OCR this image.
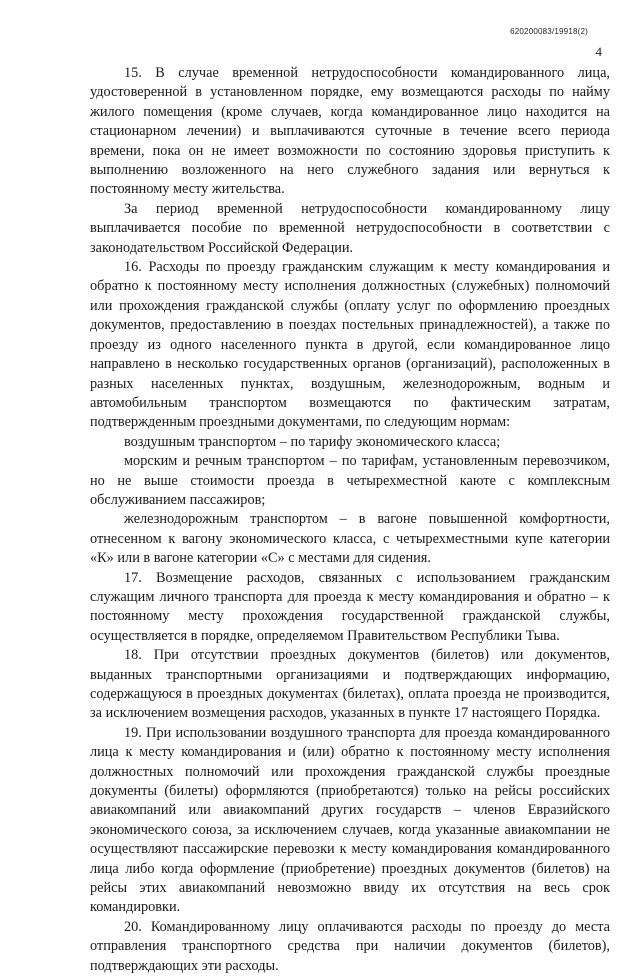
620200083/19918(2)
4

15. В случае временной нетрудоспособности командированного лица, удостоверенной в установленном порядке, ему возмещаются расходы по найму жилого помещения (кроме случаев, когда командированное лицо находится на стационарном лечении) и выплачиваются суточные в течение всего периода времени, пока он не имеет возможности по состоянию здоровья приступить к выполнению возложенного на него служебного задания или вернуться к постоянному месту жительства.

За период временной нетрудоспособности командированному лицу выплачивается пособие по временной нетрудоспособности в соответствии с законодательством Российской Федерации.

16. Расходы по проезду гражданским служащим к месту командирования и обратно к постоянному месту исполнения должностных (служебных) полномочий или прохождения гражданской службы (оплату услуг по оформлению проездных документов, предоставлению в поездах постельных принадлежностей), а также по проезду из одного населенного пункта в другой, если командированное лицо направлено в несколько государственных органов (организаций), расположенных в разных населенных пунктах, воздушным, железнодорожным, водным и автомобильным транспортом возмещаются по фактическим затратам, подтвержденным проездными документами, по следующим нормам:

воздушным транспортом – по тарифу экономического класса;

морским и речным транспортом – по тарифам, установленным перевозчиком, но не выше стоимости проезда в четырехместной каюте с комплексным обслуживанием пассажиров;

железнодорожным транспортом – в вагоне повышенной комфортности, отнесенном к вагону экономического класса, с четырехместными купе категории «К» или в вагоне категории «С» с местами для сидения.

17. Возмещение расходов, связанных с использованием гражданским служащим личного транспорта для проезда к месту командирования и обратно – к постоянному месту прохождения государственной гражданской службы, осуществляется в порядке, определяемом Правительством Республики Тыва.

18. При отсутствии проездных документов (билетов) или документов, выданных транспортными организациями и подтверждающих информацию, содержащуюся в проездных документах (билетах), оплата проезда не производится, за исключением возмещения расходов, указанных в пункте 17 настоящего Порядка.

19. При использовании воздушного транспорта для проезда командированного лица к месту командирования и (или) обратно к постоянному месту исполнения должностных полномочий или прохождения гражданской службы проездные документы (билеты) оформляются (приобретаются) только на рейсы российских авиакомпаний или авиакомпаний других государств – членов Евразийского экономического союза, за исключением случаев, когда указанные авиакомпании не осуществляют пассажирские перевозки к месту командирования командированного лица либо когда оформление (приобретение) проездных документов (билетов) на рейсы этих авиакомпаний невозможно ввиду их отсутствия на весь срок командировки.

20. Командированному лицу оплачиваются расходы по проезду до места отправления транспортного средства при наличии документов (билетов), подтверждающих эти расходы.
